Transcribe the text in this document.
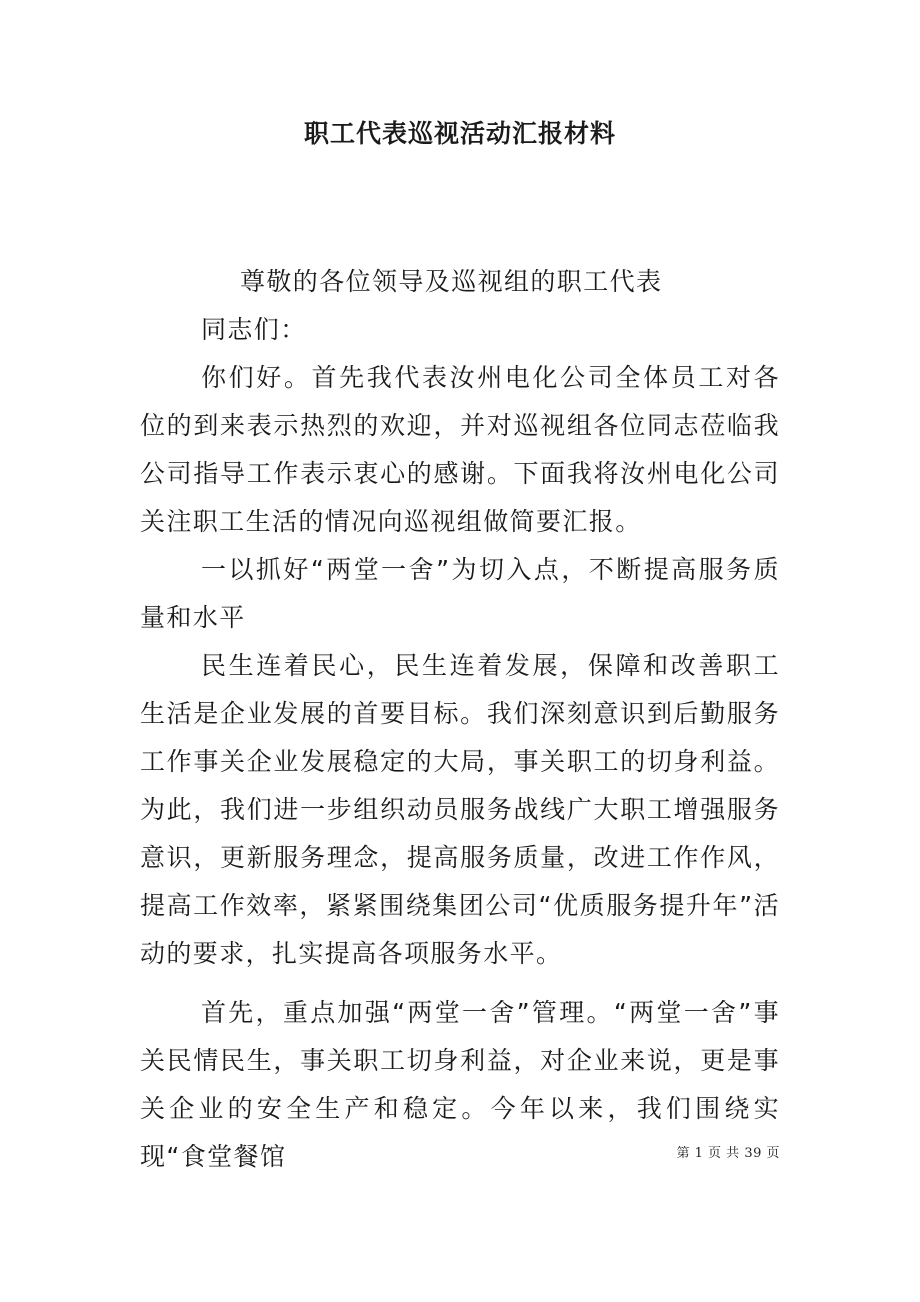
职工代表巡视活动汇报材料

尊敬的各位领导及巡视组的职工代表

同志们：

你们好。首先我代表汝州电化公司全体员工对各位的到来表示热烈的欢迎，并对巡视组各位同志莅临我公司指导工作表示衷心的感谢。下面我将汝州电化公司关注职工生活的情况向巡视组做简要汇报。

一以抓好“两堂一舍”为切入点，不断提高服务质量和水平

民生连着民心，民生连着发展，保障和改善职工生活是企业发展的首要目标。我们深刻意识到后勤服务工作事关企业发展稳定的大局，事关职工的切身利益。为此，我们进一步组织动员服务战线广大职工增强服务意识，更新服务理念，提高服务质量，改进工作作风，提高工作效率，紧紧围绕集团公司“优质服务提升年”活动的要求，扎实提高各项服务水平。

首先，重点加强“两堂一舍”管理。“两堂一舍”事关民情民生，事关职工切身利益，对企业来说，更是事关企业的安全生产和稳定。今年以来，我们围绕实现“食堂餐馆	第 1 页 共 39 页
